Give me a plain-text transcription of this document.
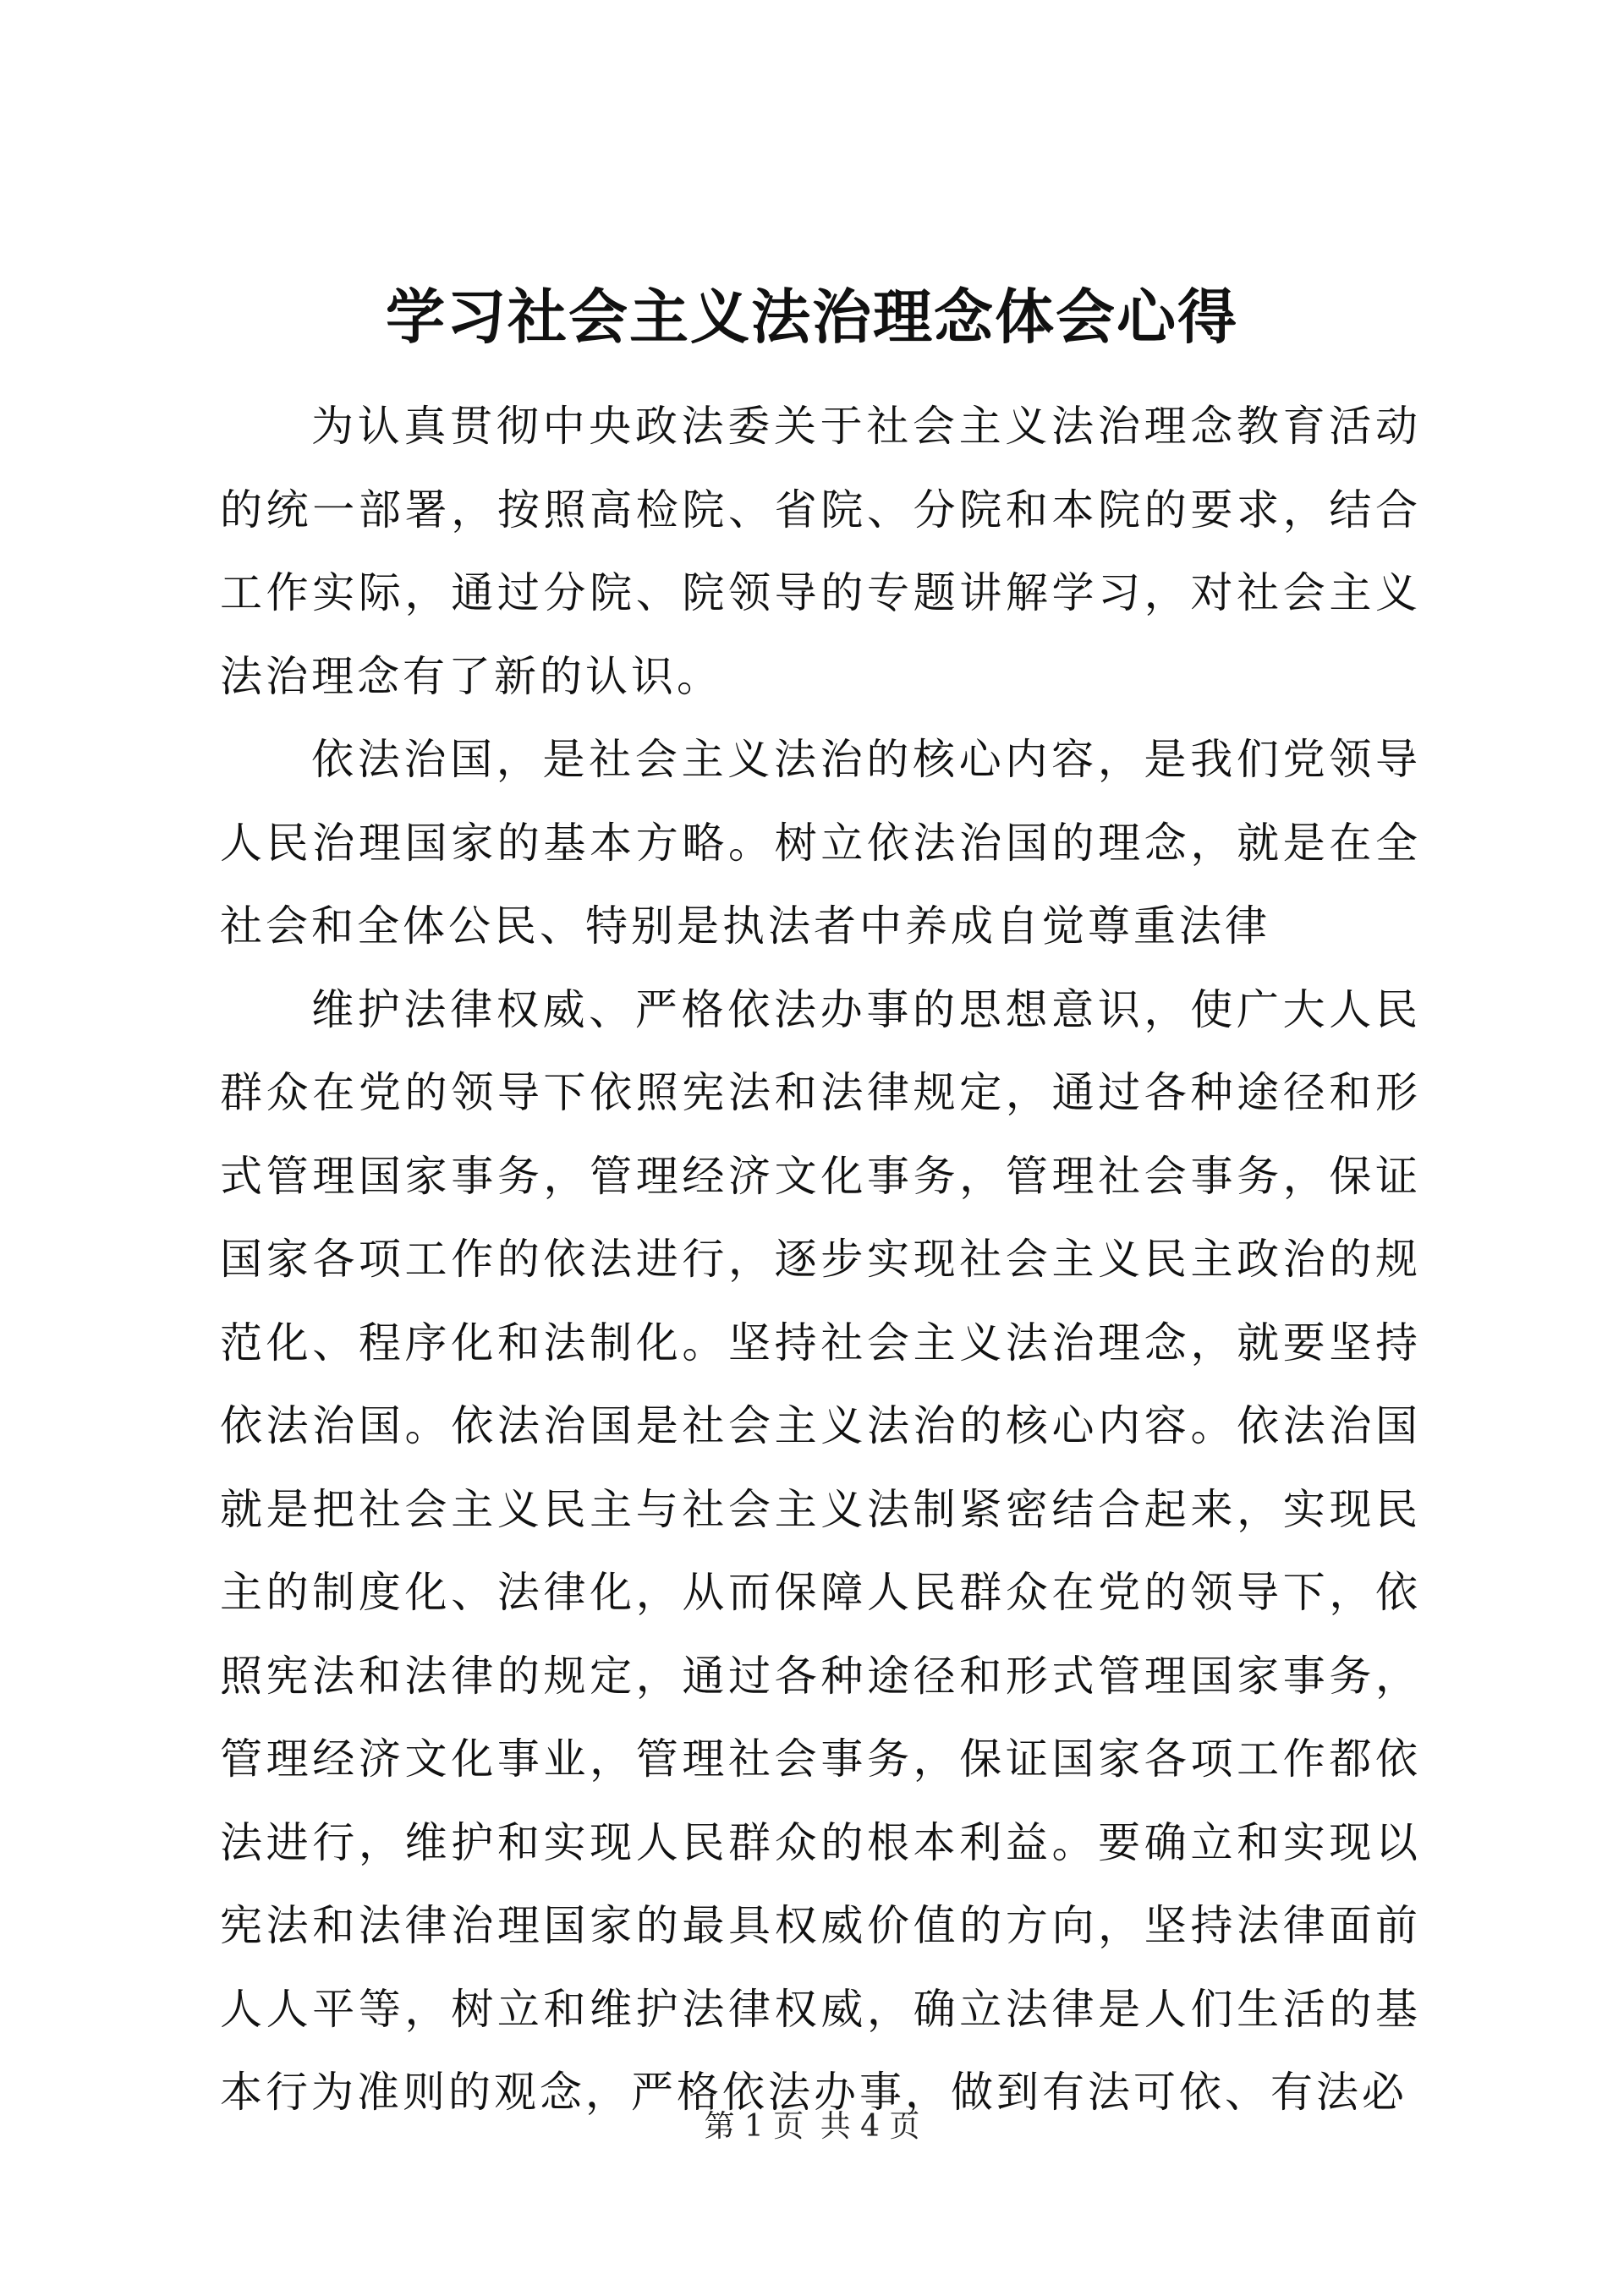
学习社会主义法治理念体会心得

为认真贯彻中央政法委关于社会主义法治理念教育活动的统一部署，按照高检院、省院、分院和本院的要求，结合工作实际，通过分院、院领导的专题讲解学习，对社会主义法治理念有了新的认识。

依法治国，是社会主义法治的核心内容，是我们党领导人民治理国家的基本方略。树立依法治国的理念，就是在全社会和全体公民、特别是执法者中养成自觉尊重法律

维护法律权威、严格依法办事的思想意识，使广大人民群众在党的领导下依照宪法和法律规定，通过各种途径和形式管理国家事务，管理经济文化事务，管理社会事务，保证国家各项工作的依法进行，逐步实现社会主义民主政治的规范化、程序化和法制化。坚持社会主义法治理念，就要坚持依法治国。依法治国是社会主义法治的核心内容。依法治国就是把社会主义民主与社会主义法制紧密结合起来，实现民主的制度化、法律化，从而保障人民群众在党的领导下，依照宪法和法律的规定，通过各种途径和形式管理国家事务，管理经济文化事业，管理社会事务，保证国家各项工作都依法进行，维护和实现人民群众的根本利益。要确立和实现以宪法和法律治理国家的最具权威价值的方向，坚持法律面前人人平等，树立和维护法律权威，确立法律是人们生活的基本行为准则的观念，严格依法办事，做到有法可依、有法必

第 1 页 共 4 页
